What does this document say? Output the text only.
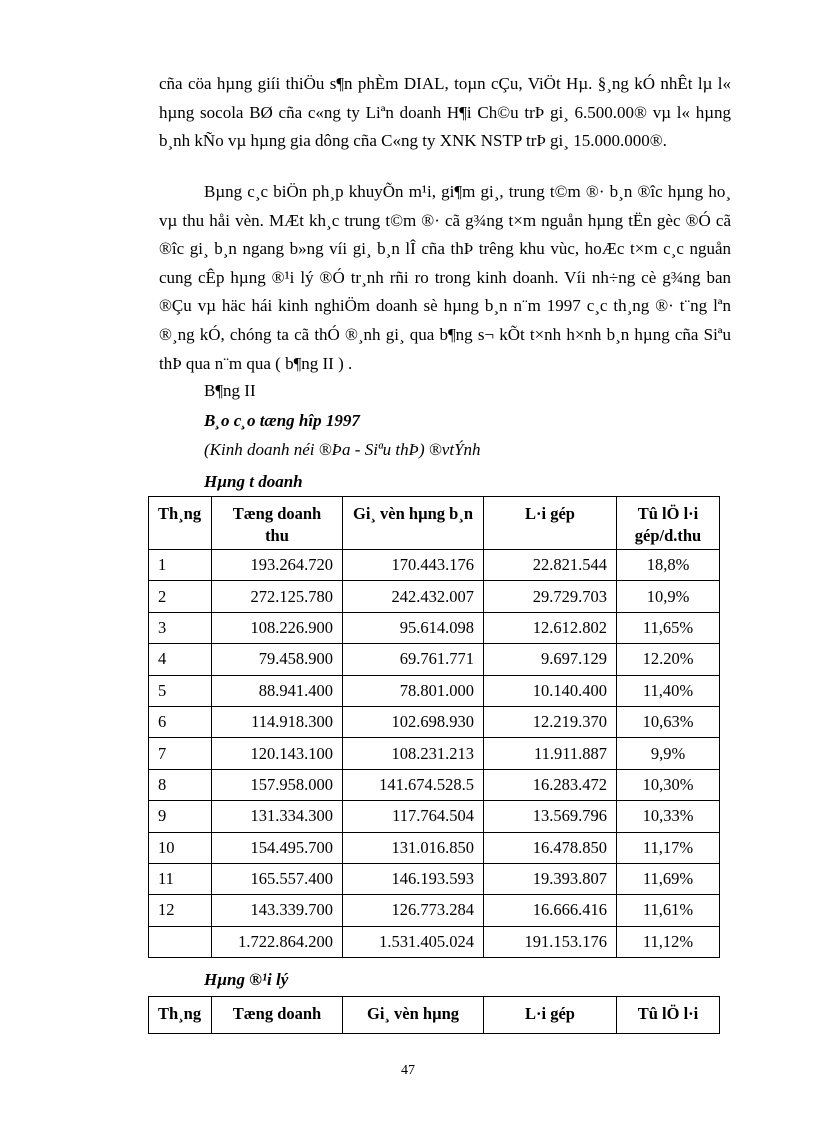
cña cöa hµng giíi thiÖu s¶n phÈm DIAL, toµn cÇu, ViÖt Hµ. §¸ng kÓ nhÊt lµ l« hµng socola BØ cña c«ng ty Liªn doanh H¶i Ch©u trÞ gi¸ 6.500.00® vµ l« hµng b¸nh kÑo vµ hµng gia dông cña C«ng ty XNK NSTP trÞ gi¸ 15.000.000®.

Bµng c¸c biÖn ph¸p khuyÕn m¹i, gi¶m gi¸, trung t©m ®· b¸n ®îc hµng ho¸ vµ thu håi vèn. MÆt kh¸c trung t©m ®· cã g¾ng t×m nguån hµng tËn gèc ®Ó cã ®îc gi¸ b¸n ngang b»ng víi gi¸ b¸n lÎ cña thÞ trêng khu vùc, hoÆc t×m c¸c nguån cung cÊp hµng ®¹i lý ®Ó tr¸nh rñi ro trong kinh doanh. Víi nh÷ng cè g¾ng ban ®Çu vµ häc hái kinh nghiÖm doanh sè hµng b¸n n¨m 1997 c¸c th¸ng ®· t¨ng lªn ®¸ng kÓ, chóng ta cã thÓ ®¸nh gi¸ qua b¶ng s¬ kÕt t×nh h×nh b¸n hµng cña Siªu thÞ qua n¨m qua ( b¶ng II ) .

B¶ng II

B¸o c¸o tæng hîp 1997

(Kinh doanh néi ®Þa - Siªu thÞ) ®vtÝnh

Hµng t doanh

Th¸ng	Tæng doanh thu	Gi¸ vèn hµng b¸n	L·i gép	Tû lÖ l·i gép/d.thu
1	193.264.720	170.443.176	22.821.544	18,8%
2	272.125.780	242.432.007	29.729.703	10,9%
3	108.226.900	95.614.098	12.612.802	11,65%
4	79.458.900	69.761.771	9.697.129	12.20%
5	88.941.400	78.801.000	10.140.400	11,40%
6	114.918.300	102.698.930	12.219.370	10,63%
7	120.143.100	108.231.213	11.911.887	9,9%
8	157.958.000	141.674.528.5	16.283.472	10,30%
9	131.334.300	117.764.504	13.569.796	10,33%
10	154.495.700	131.016.850	16.478.850	11,17%
11	165.557.400	146.193.593	19.393.807	11,69%
12	143.339.700	126.773.284	16.666.416	11,61%
	1.722.864.200	1.531.405.024	191.153.176	11,12%

Hµng ®¹i lý

Th¸ng	Tæng doanh	Gi¸ vèn hµng	L·i gép	Tû lÖ l·i
47
